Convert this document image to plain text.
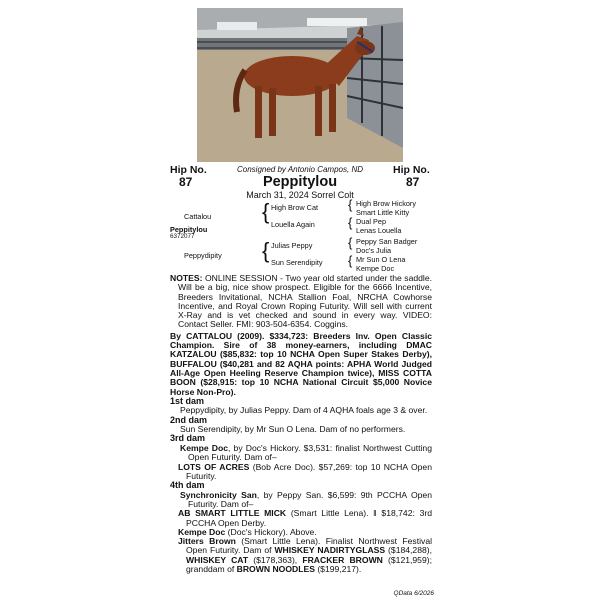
Hip No.
87
Hip No.
87
Consigned by Antonio Campos, ND
Peppitylou
March 31, 2024 Sorrel Colt
Cattalou
Peppitylou
6372077
Peppydipity
{ High Brow Cat
Louella Again
{ Julias Peppy
Sun Serendipity
{ High Brow Hickory
Smart Little Kitty
{ Dual Pep
Lenas Louella
{ Peppy San Badger
Doc's Julia
{ Mr Sun O Lena
Kempe Doc

NOTES: ONLINE SESSION - Two year old started under the saddle. Will be a big, nice show prospect. Eligible for the 6666 Incentive, Breeders Invitational, NCHA Stallion Foal, NRCHA Cowhorse Incentive, and Royal Crown Roping Futurity. Will sell with current X-Ray and is vet checked and sound in every way. VIDEO: Contact Seller. FMI: 903-504-6354. Coggins.

By CATTALOU (2009). $334,723: Breeders Inv. Open Classic Champion. Sire of 38 money-earners, including DMAC KATZALOU ($85,832: top 10 NCHA Open Super Stakes Derby), BUFFALOU ($40,281 and 82 AQHA points: APHA World Judged All-Age Open Heeling Reserve Champion twice), MISS COTTA BOON ($28,915: top 10 NCHA National Circuit $5,000 Novice Horse Non-Pro).

1st dam

Peppydipity, by Julias Peppy. Dam of 4 AQHA foals age 3 & over.

2nd dam

Sun Serendipity, by Mr Sun O Lena. Dam of no performers.

3rd dam

Kempe Doc, by Doc's Hickory. $3,531: finalist Northwest Cutting Open Futurity. Dam of–

LOTS OF ACRES (Bob Acre Doc). $57,269: top 10 NCHA Open Futurity.

4th dam

Synchronicity San, by Peppy San. $6,599: 9th PCCHA Open Futurity. Dam of–

AB SMART LITTLE MICK (Smart Little Lena). ‖ $18,742: 3rd PCCHA Open Derby.

Kempe Doc (Doc's Hickory). Above.

Jitters Brown (Smart Little Lena). Finalist Northwest Festival Open Futurity. Dam of WHISKEY NADIRTYGLASS ($184,288), WHISKEY CAT ($178,363), FRACKER BROWN ($121,959); granddam of BROWN NOODLES ($199,217).

QData 6/2026
